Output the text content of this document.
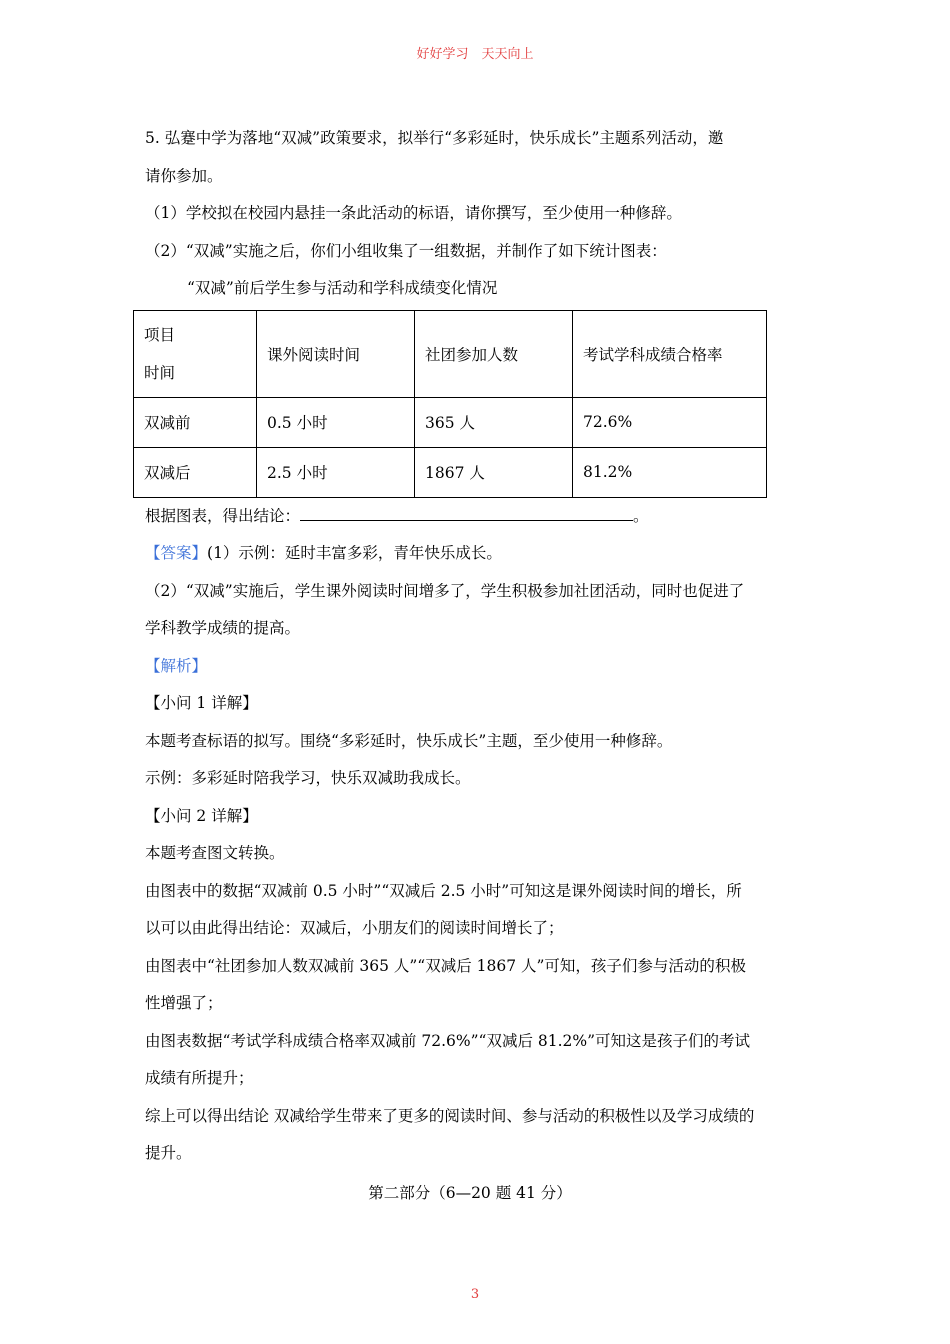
好好学习　天天向上

5. 弘蹇中学为落地“双减”政策要求，拟举行“多彩延时，快乐成长”主题系列活动，邀

请你参加。

（1）学校拟在校园内悬挂一条此活动的标语，请你撰写，至少使用一种修辞。

（2）“双减”实施之后，你们小组收集了一组数据，并制作了如下统计图表：

“双减”前后学生参与活动和学科成绩变化情况
项目
时间	课外阅读时间	社团参加人数	考试学科成绩合格率
双减前	0.5 小时	365 人	72.6%
双减后	2.5 小时	1867 人	81.2%

根据图表，得出结论：	。

【答案】(1）示例：延时丰富多彩，青年快乐成长。

（2）“双减”实施后，学生课外阅读时间增多了，学生积极参加社团活动，同时也促进了

学科教学成绩的提高。

【解析】

【小问 1 详解】

本题考查标语的拟写。围绕“多彩延时，快乐成长”主题，至少使用一种修辞。

示例：多彩延时陪我学习，快乐双减助我成长。

【小问 2 详解】

本题考查图文转换。

由图表中的数据“双减前 0.5 小时”“双减后 2.5 小时”可知这是课外阅读时间的增长，所

以可以由此得出结论：双减后，小朋友们的阅读时间增长了；

由图表中“社团参加人数双减前 365 人”“双减后 1867 人”可知，孩子们参与活动的积极

性增强了；

由图表数据“考试学科成绩合格率双减前 72.6%”“双减后 81.2%”可知这是孩子们的考试

成绩有所提升；

综上可以得出结论 双减给学生带来了更多的阅读时间、参与活动的积极性以及学习成绩的

提升。

第二部分（6—20 题 41 分）
3
